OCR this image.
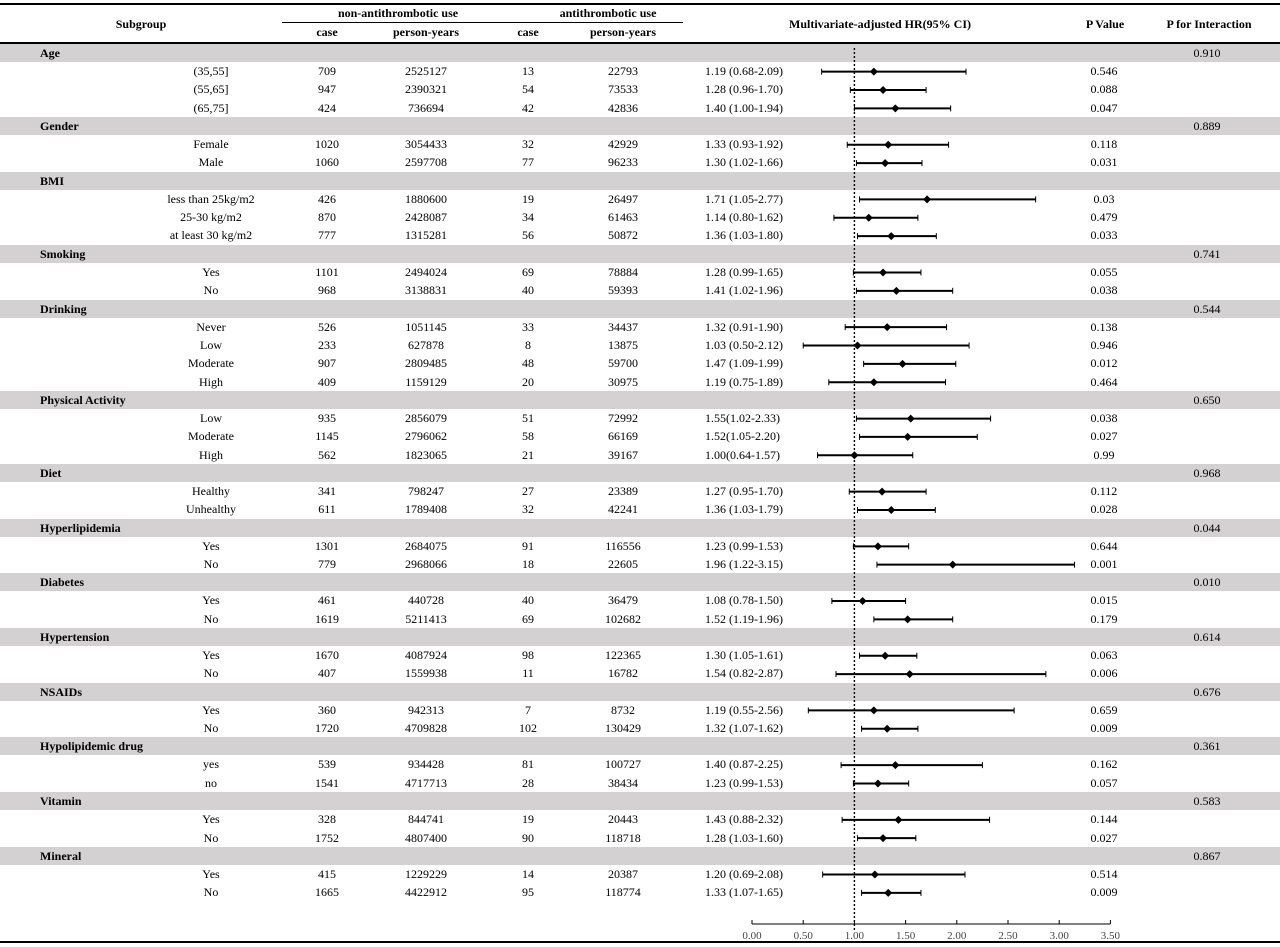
Subgroup
non-antithrombotic use	antithrombotic use
case	person-years	case	person-years
Multivariate-adjusted HR(95% CI)	P Value	P for Interaction
Age	0.910
(35,55]	709	2525127	13	22793	1.19 (0.68-2.09)	0.546
(55,65]	947	2390321	54	73533	1.28 (0.96-1.70)	0.088
(65,75]	424	736694	42	42836	1.40 (1.00-1.94)	0.047
Gender	0.889
Female	1020	3054433	32	42929	1.33 (0.93-1.92)	0.118
Male	1060	2597708	77	96233	1.30 (1.02-1.66)	0.031
BMI
less than 25kg/m2	426	1880600	19	26497	1.71 (1.05-2.77)	0.03
25-30 kg/m2	870	2428087	34	61463	1.14 (0.80-1.62)	0.479
at least 30 kg/m2	777	1315281	56	50872	1.36 (1.03-1.80)	0.033
Smoking	0.741
Yes	1101	2494024	69	78884	1.28 (0.99-1.65)	0.055
No	968	3138831	40	59393	1.41 (1.02-1.96)	0.038
Drinking	0.544
Never	526	1051145	33	34437	1.32 (0.91-1.90)	0.138
Low	233	627878	8	13875	1.03 (0.50-2.12)	0.946
Moderate	907	2809485	48	59700	1.47 (1.09-1.99)	0.012
High	409	1159129	20	30975	1.19 (0.75-1.89)	0.464
Physical Activity	0.650
Low	935	2856079	51	72992	1.55(1.02-2.33)	0.038
Moderate	1145	2796062	58	66169	1.52(1.05-2.20)	0.027
High	562	1823065	21	39167	1.00(0.64-1.57)	0.99
Diet	0.968
Healthy	341	798247	27	23389	1.27 (0.95-1.70)	0.112
Unhealthy	611	1789408	32	42241	1.36 (1.03-1.79)	0.028
Hyperlipidemia	0.044
Yes	1301	2684075	91	116556	1.23 (0.99-1.53)	0.644
No	779	2968066	18	22605	1.96 (1.22-3.15)	0.001
Diabetes	0.010
Yes	461	440728	40	36479	1.08 (0.78-1.50)	0.015
No	1619	5211413	69	102682	1.52 (1.19-1.96)	0.179
Hypertension	0.614
Yes	1670	4087924	98	122365	1.30 (1.05-1.61)	0.063
No	407	1559938	11	16782	1.54 (0.82-2.87)	0.006
NSAIDs	0.676
Yes	360	942313	7	8732	1.19 (0.55-2.56)	0.659
No	1720	4709828	102	130429	1.32 (1.07-1.62)	0.009
Hypolipidemic drug	0.361
yes	539	934428	81	100727	1.40 (0.87-2.25)	0.162
no	1541	4717713	28	38434	1.23 (0.99-1.53)	0.057
Vitamin	0.583
Yes	328	844741	19	20443	1.43 (0.88-2.32)	0.144
No	1752	4807400	90	118718	1.28 (1.03-1.60)	0.027
Mineral	0.867
Yes	415	1229229	14	20387	1.20 (0.69-2.08)	0.514
No	1665	4422912	95	118774	1.33 (1.07-1.65)	0.009
0.00	0.50	1.00	1.50	2.00	2.50	3.00	3.50
